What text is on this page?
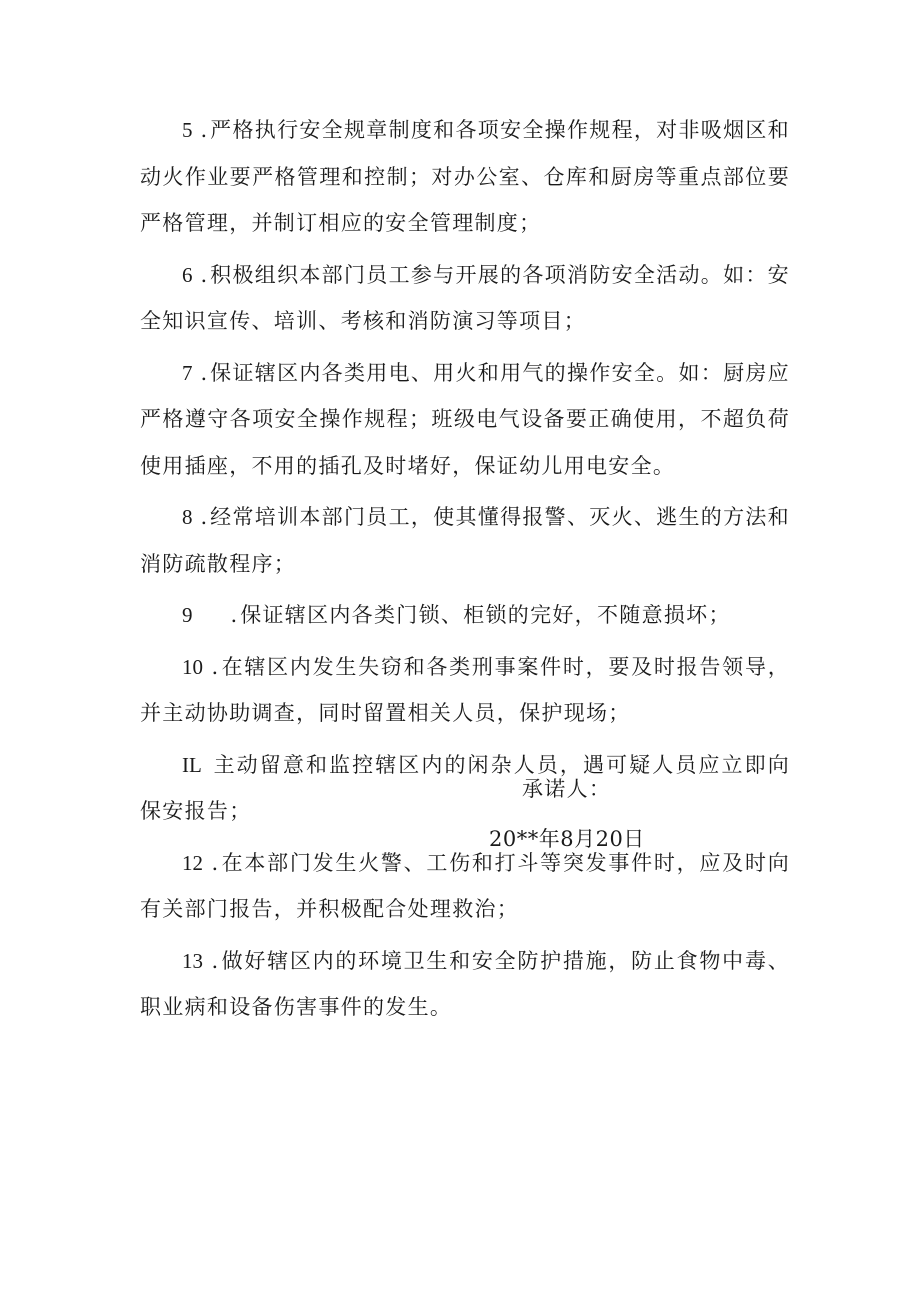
5 . 严格执行安全规章制度和各项安全操作规程，对非吸烟区和动火作业要严格管理和控制；对办公室、仓库和厨房等重点部位要严格管理，并制订相应的安全管理制度；

6 . 积极组织本部门员工参与开展的各项消防安全活动。如：安全知识宣传、培训、考核和消防演习等项目；

7 . 保证辖区内各类用电、用火和用气的操作安全。如：厨房应严格遵守各项安全操作规程；班级电气设备要正确使用，不超负荷使用插座，不用的插孔及时堵好，保证幼儿用电安全。

8 . 经常培训本部门员工，使其懂得报警、灭火、逃生的方法和消防疏散程序；

9 . 保证辖区内各类门锁、柜锁的完好，不随意损坏；

10 . 在辖区内发生失窃和各类刑事案件时，要及时报告领导，并主动协助调查，同时留置相关人员，保护现场；

IL 主动留意和监控辖区内的闲杂人员，遇可疑人员应立即向保安报告；

12 . 在本部门发生火警、工伤和打斗等突发事件时，应及时向有关部门报告，并积极配合处理救治；

13 . 做好辖区内的环境卫生和安全防护措施，防止食物中毒、职业病和设备伤害事件的发生。

承诺人：
20**年8月20日
